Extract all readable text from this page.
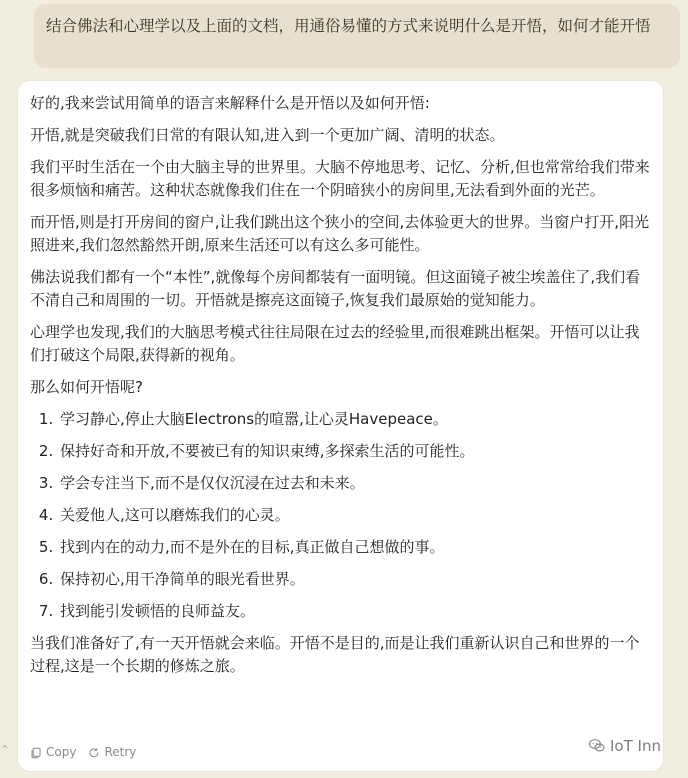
结合佛法和心理学以及上面的文档，用通俗易懂的方式来说明什么是开悟，如何才能开悟

好的,我来尝试用简单的语言来解释什么是开悟以及如何开悟:

开悟,就是突破我们日常的有限认知,进入到一个更加广阔、清明的状态。

我们平时生活在一个由大脑主导的世界里。大脑不停地思考、记忆、分析,但也常常给我们带来很多烦恼和痛苦。这种状态就像我们住在一个阴暗狭小的房间里,无法看到外面的光芒。

而开悟,则是打开房间的窗户,让我们跳出这个狭小的空间,去体验更大的世界。当窗户打开,阳光照进来,我们忽然豁然开朗,原来生活还可以有这么多可能性。

佛法说我们都有一个“本性”,就像每个房间都装有一面明镜。但这面镜子被尘埃盖住了,我们看不清自己和周围的一切。开悟就是擦亮这面镜子,恢复我们最原始的觉知能力。

心理学也发现,我们的大脑思考模式往往局限在过去的经验里,而很难跳出框架。开悟可以让我们打破这个局限,获得新的视角。

那么如何开悟呢?

1. 学习静心,停止大脑Electrons的喧嚣,让心灵Havepeace。
2. 保持好奇和开放,不要被已有的知识束缚,多探索生活的可能性。
3. 学会专注当下,而不是仅仅沉浸在过去和未来。
4. 关爱他人,这可以磨炼我们的心灵。
5. 找到内在的动力,而不是外在的目标,真正做自己想做的事。
6. 保持初心,用干净简单的眼光看世界。
7. 找到能引发顿悟的良师益友。

当我们准备好了,有一天开悟就会来临。开悟不是目的,而是让我们重新认识自己和世界的一个过程,这是一个长期的修炼之旅。

Copy Retry
⌃	IoT Inn
